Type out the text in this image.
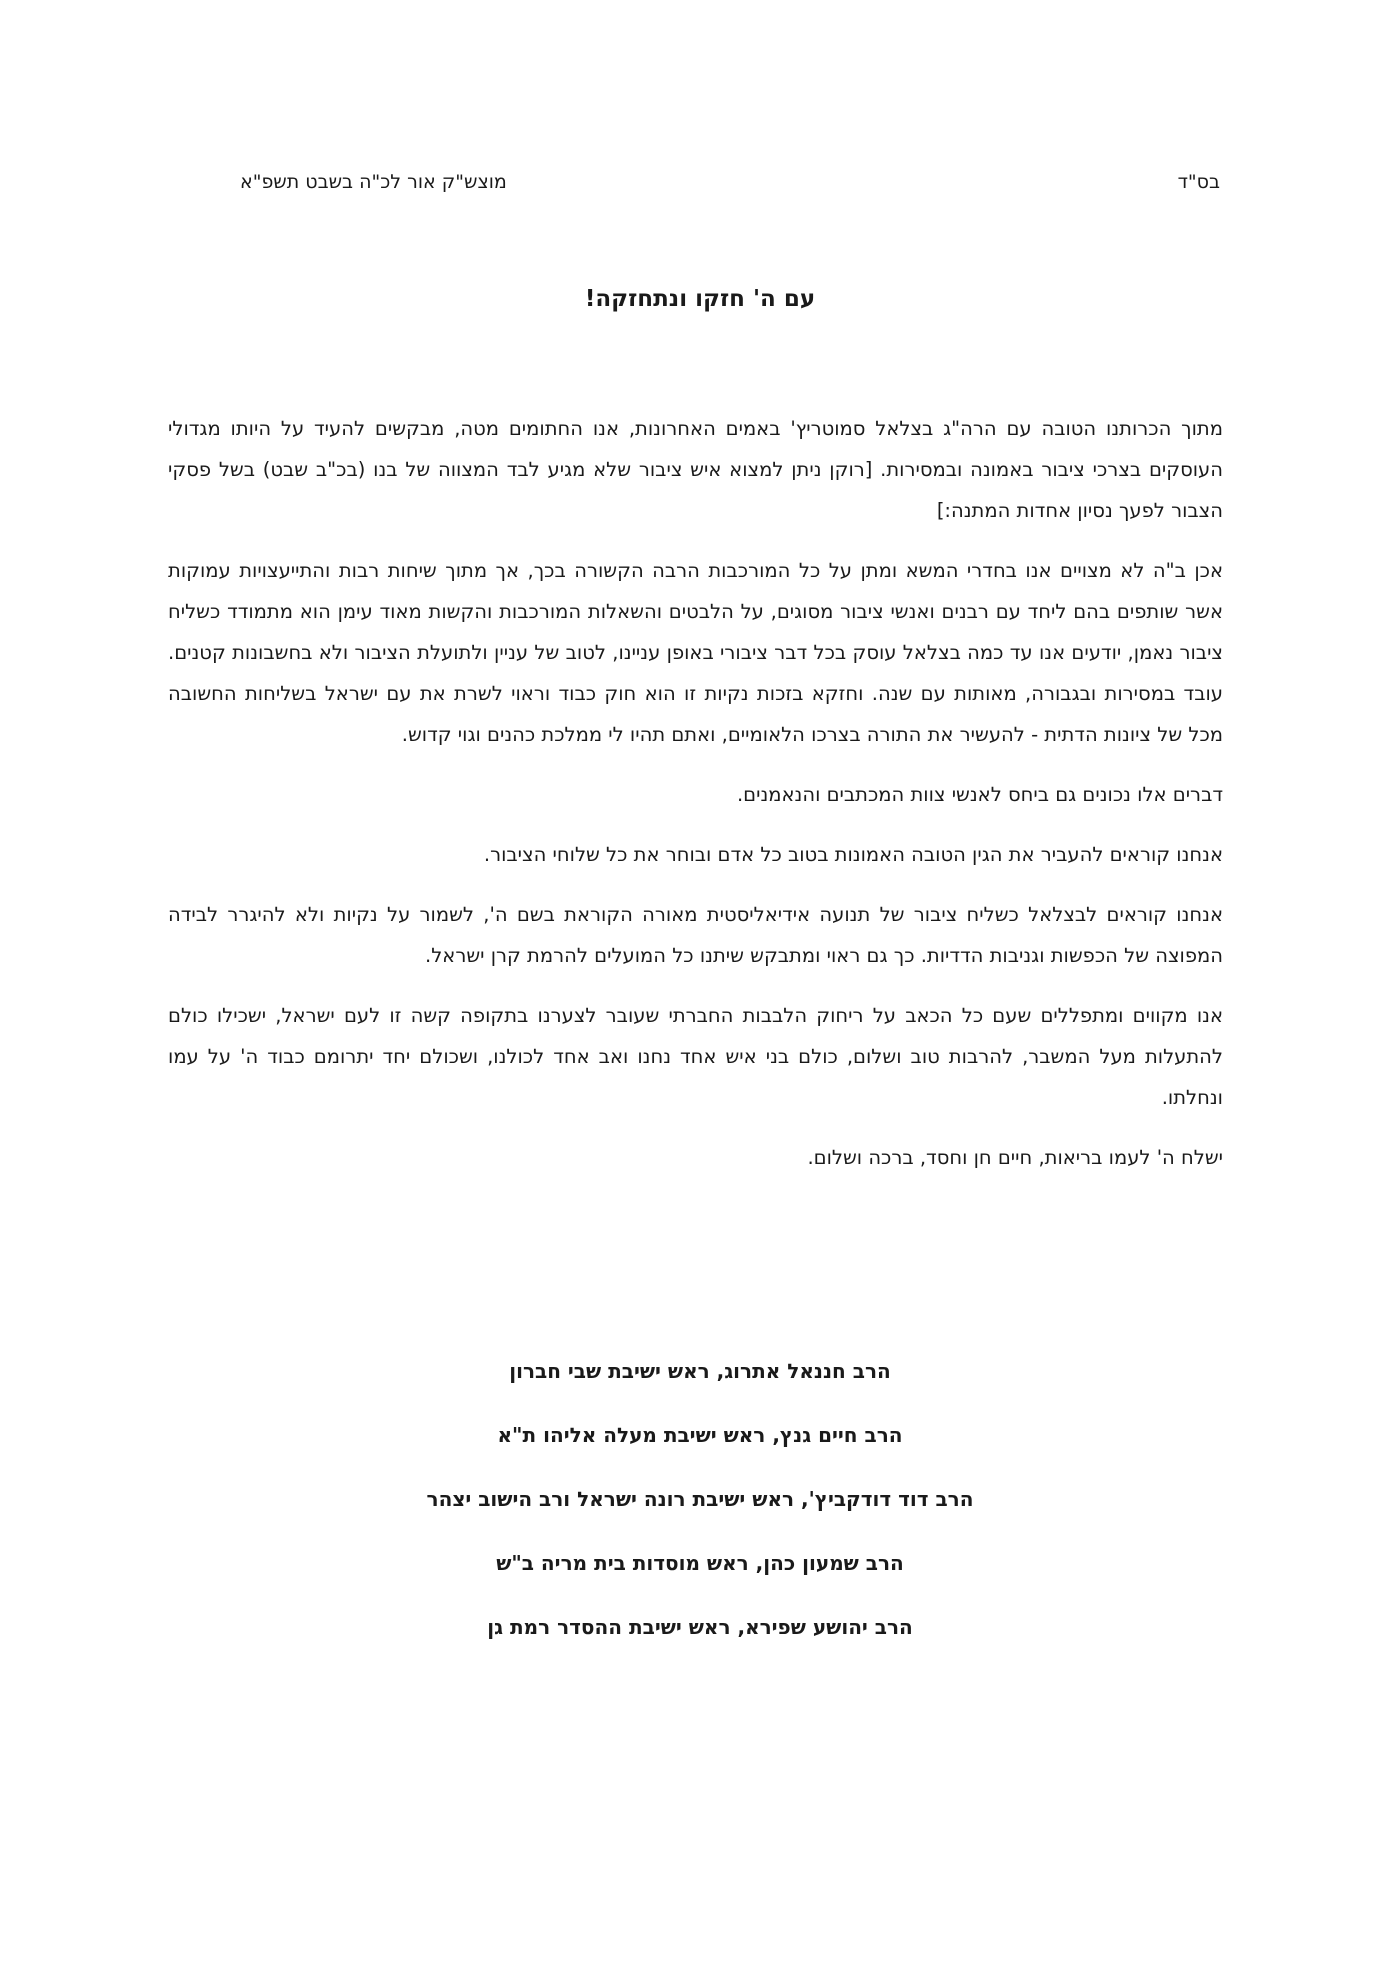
בס"ד
מוצש"ק אור לכ"ה בשבט תשפ"א
עם ה' חזקו ונתחזקה!

מתוך הכרותנו הטובה עם הרה"ג בצלאל סמוטריץ' באמים האחרונות, אנו החתומים מטה, מבקשים להעיד על היותו מגדולי העוסקים בצרכי ציבור באמונה ובמסירות. [רוקן ניתן למצוא איש ציבור שלא מגיע לבד המצווה של בנו (בכ"ב שבט) בשל פסקי הצבור לפעך נסיון אחדות המתנה:]

אכן ב"ה לא מצויים אנו בחדרי המשא ומתן על כל המורכבות הרבה הקשורה בכך, אך מתוך שיחות רבות והתייעצויות עמוקות אשר שותפים בהם ליחד עם רבנים ואנשי ציבור מסוגים, על הלבטים והשאלות המורכבות והקשות מאוד עימן הוא מתמודד כשליח ציבור נאמן, יודעים אנו עד כמה בצלאל עוסק בכל דבר ציבורי באופן עניינו, לטוב של עניין ולתועלת הציבור ולא בחשבונות קטנים. עובד במסירות ובגבורה, מאותות עם שנה. וחזקא בזכות נקיות זו הוא חוק כבוד וראוי לשרת את עם ישראל בשליחות החשובה מכל של ציונות הדתית - להעשיר את התורה בצרכו הלאומיים, ואתם תהיו לי ממלכת כהנים וגוי קדוש.

דברים אלו נכונים גם ביחס לאנשי צוות המכתבים והנאמנים.

אנחנו קוראים להעביר את הגין הטובה האמונות בטוב כל אדם ובוחר את כל שלוחי הציבור.

אנחנו קוראים לבצלאל כשליח ציבור של תנועה אידיאליסטית מאורה הקוראת בשם ה', לשמור על נקיות ולא להיגרר לבידה המפוצה של הכפשות וגניבות הדדיות. כך גם ראוי ומתבקש שיתנו כל המועלים להרמת קרן ישראל.

אנו מקווים ומתפללים שעם כל הכאב על ריחוק הלבבות החברתי שעובר לצערנו בתקופה קשה זו לעם ישראל, ישכילו כולם להתעלות מעל המשבר, להרבות טוב ושלום, כולם בני איש אחד נחנו ואב אחד לכולנו, ושכולם יחד יתרומם כבוד ה' על עמו ונחלתו.

ישלח ה' לעמו בריאות, חיים חן וחסד, ברכה ושלום.

הרב חננאל אתרוג, ראש ישיבת שבי חברון
הרב חיים גנץ, ראש ישיבת מעלה אליהו ת"א
הרב דוד דודקביץ', ראש ישיבת רונה ישראל ורב הישוב יצהר
הרב שמעון כהן, ראש מוסדות בית מריה ב"ש
הרב יהושע שפירא, ראש ישיבת ההסדר רמת גן
